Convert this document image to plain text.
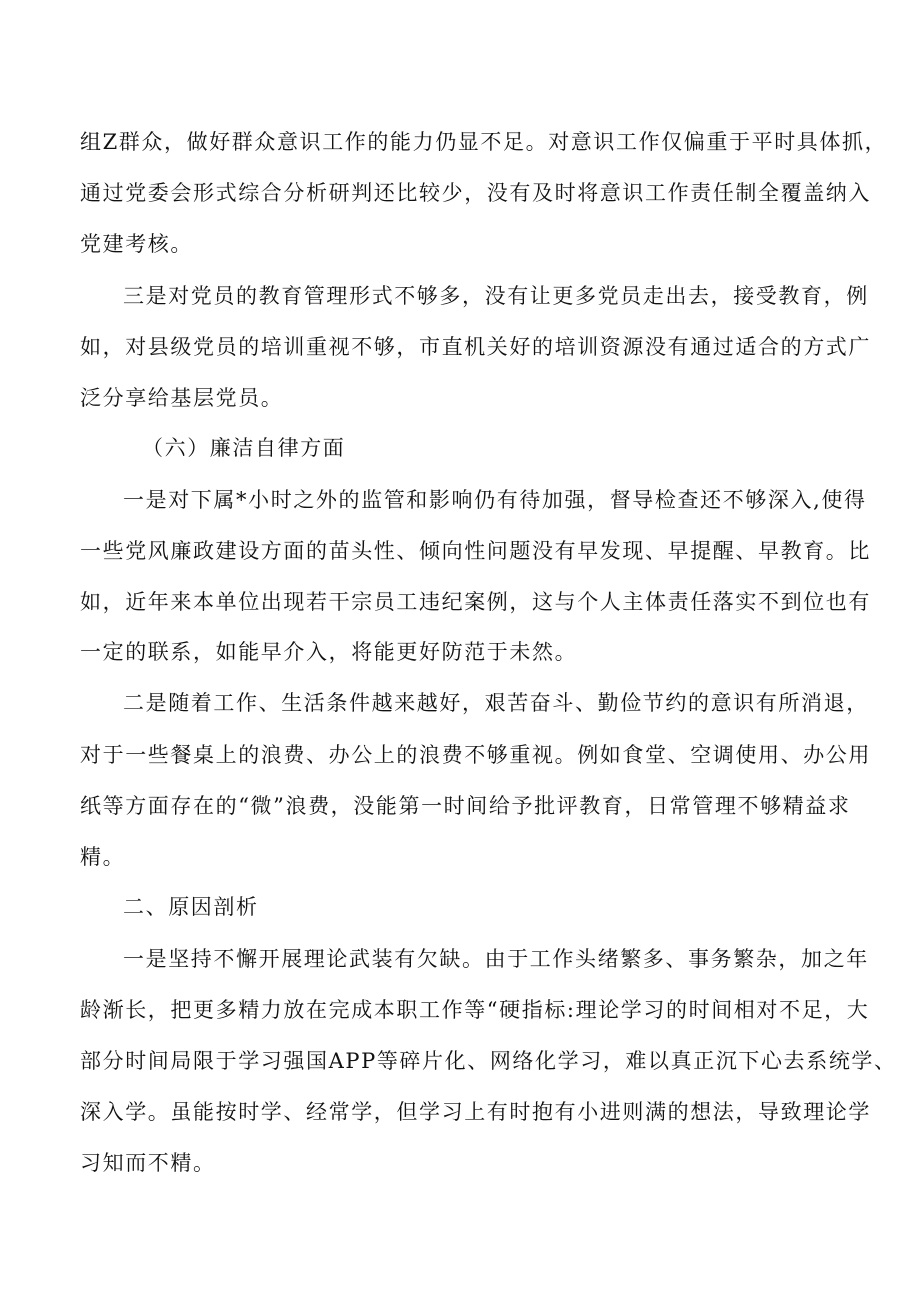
组Z群众，做好群众意识工作的能力仍显不足。对意识工作仅偏重于平时具体抓，
通过党委会形式综合分析研判还比较少，没有及时将意识工作责任制全覆盖纳入
党建考核。
三是对党员的教育管理形式不够多，没有让更多党员走出去，接受教育，例
如，对县级党员的培训重视不够，市直机关好的培训资源没有通过适合的方式广
泛分享给基层党员。
（六）廉洁自律方面
一是对下属*小时之外的监管和影响仍有待加强，督导检查还不够深入,使得
一些党风廉政建设方面的苗头性、倾向性问题没有早发现、早提醒、早教育。比
如，近年来本单位出现若干宗员工违纪案例，这与个人主体责任落实不到位也有
一定的联系，如能早介入，将能更好防范于未然。
二是随着工作、生活条件越来越好，艰苦奋斗、勤俭节约的意识有所消退，
对于一些餐桌上的浪费、办公上的浪费不够重视。例如食堂、空调使用、办公用
纸等方面存在的“微”浪费，没能第一时间给予批评教育，日常管理不够精益求
精。
二、原因剖析
一是坚持不懈开展理论武装有欠缺。由于工作头绪繁多、事务繁杂，加之年
龄渐长，把更多精力放在完成本职工作等“硬指标:理论学习的时间相对不足，大
部分时间局限于学习强国APP等碎片化、网络化学习，难以真正沉下心去系统学、
深入学。虽能按时学、经常学，但学习上有时抱有小进则满的想法，导致理论学
习知而不精。
